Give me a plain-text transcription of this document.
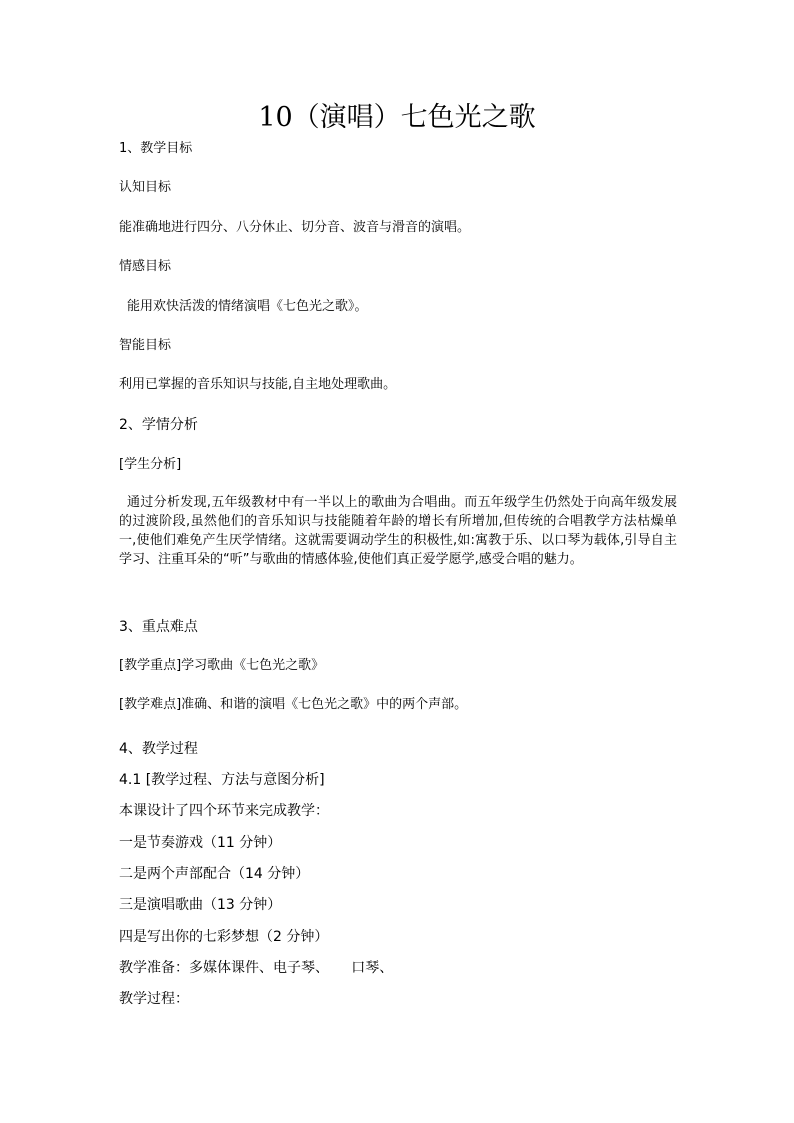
10（演唱）七色光之歌
1、教学目标
认知目标
能准确地进行四分、八分休止、切分音、波音与滑音的演唱。
情感目标
能用欢快活泼的情绪演唱《七色光之歌》。
智能目标
利用已掌握的音乐知识与技能,自主地处理歌曲。
2、学情分析
[学生分析]
通过分析发现,五年级教材中有一半以上的歌曲为合唱曲。而五年级学生仍然处于向高年级发展的过渡阶段,虽然他们的音乐知识与技能随着年龄的增长有所增加,但传统的合唱教学方法枯燥单一,使他们难免产生厌学情绪。这就需要调动学生的积极性,如:寓教于乐、以口琴为载体,引导自主学习、注重耳朵的“听”与歌曲的情感体验,使他们真正爱学愿学,感受合唱的魅力。
3、重点难点
[教学重点]学习歌曲《七色光之歌》
[教学难点]准确、和谐的演唱《七色光之歌》中的两个声部。
4、教学过程
4.1 [教学过程、方法与意图分析]
本课设计了四个环节来完成教学：
一是节奏游戏（11 分钟）
二是两个声部配合（14 分钟）
三是演唱歌曲（13 分钟）
四是写出你的七彩梦想（2 分钟）
教学准备：多媒体课件、电子琴、     口琴、
教学过程：
